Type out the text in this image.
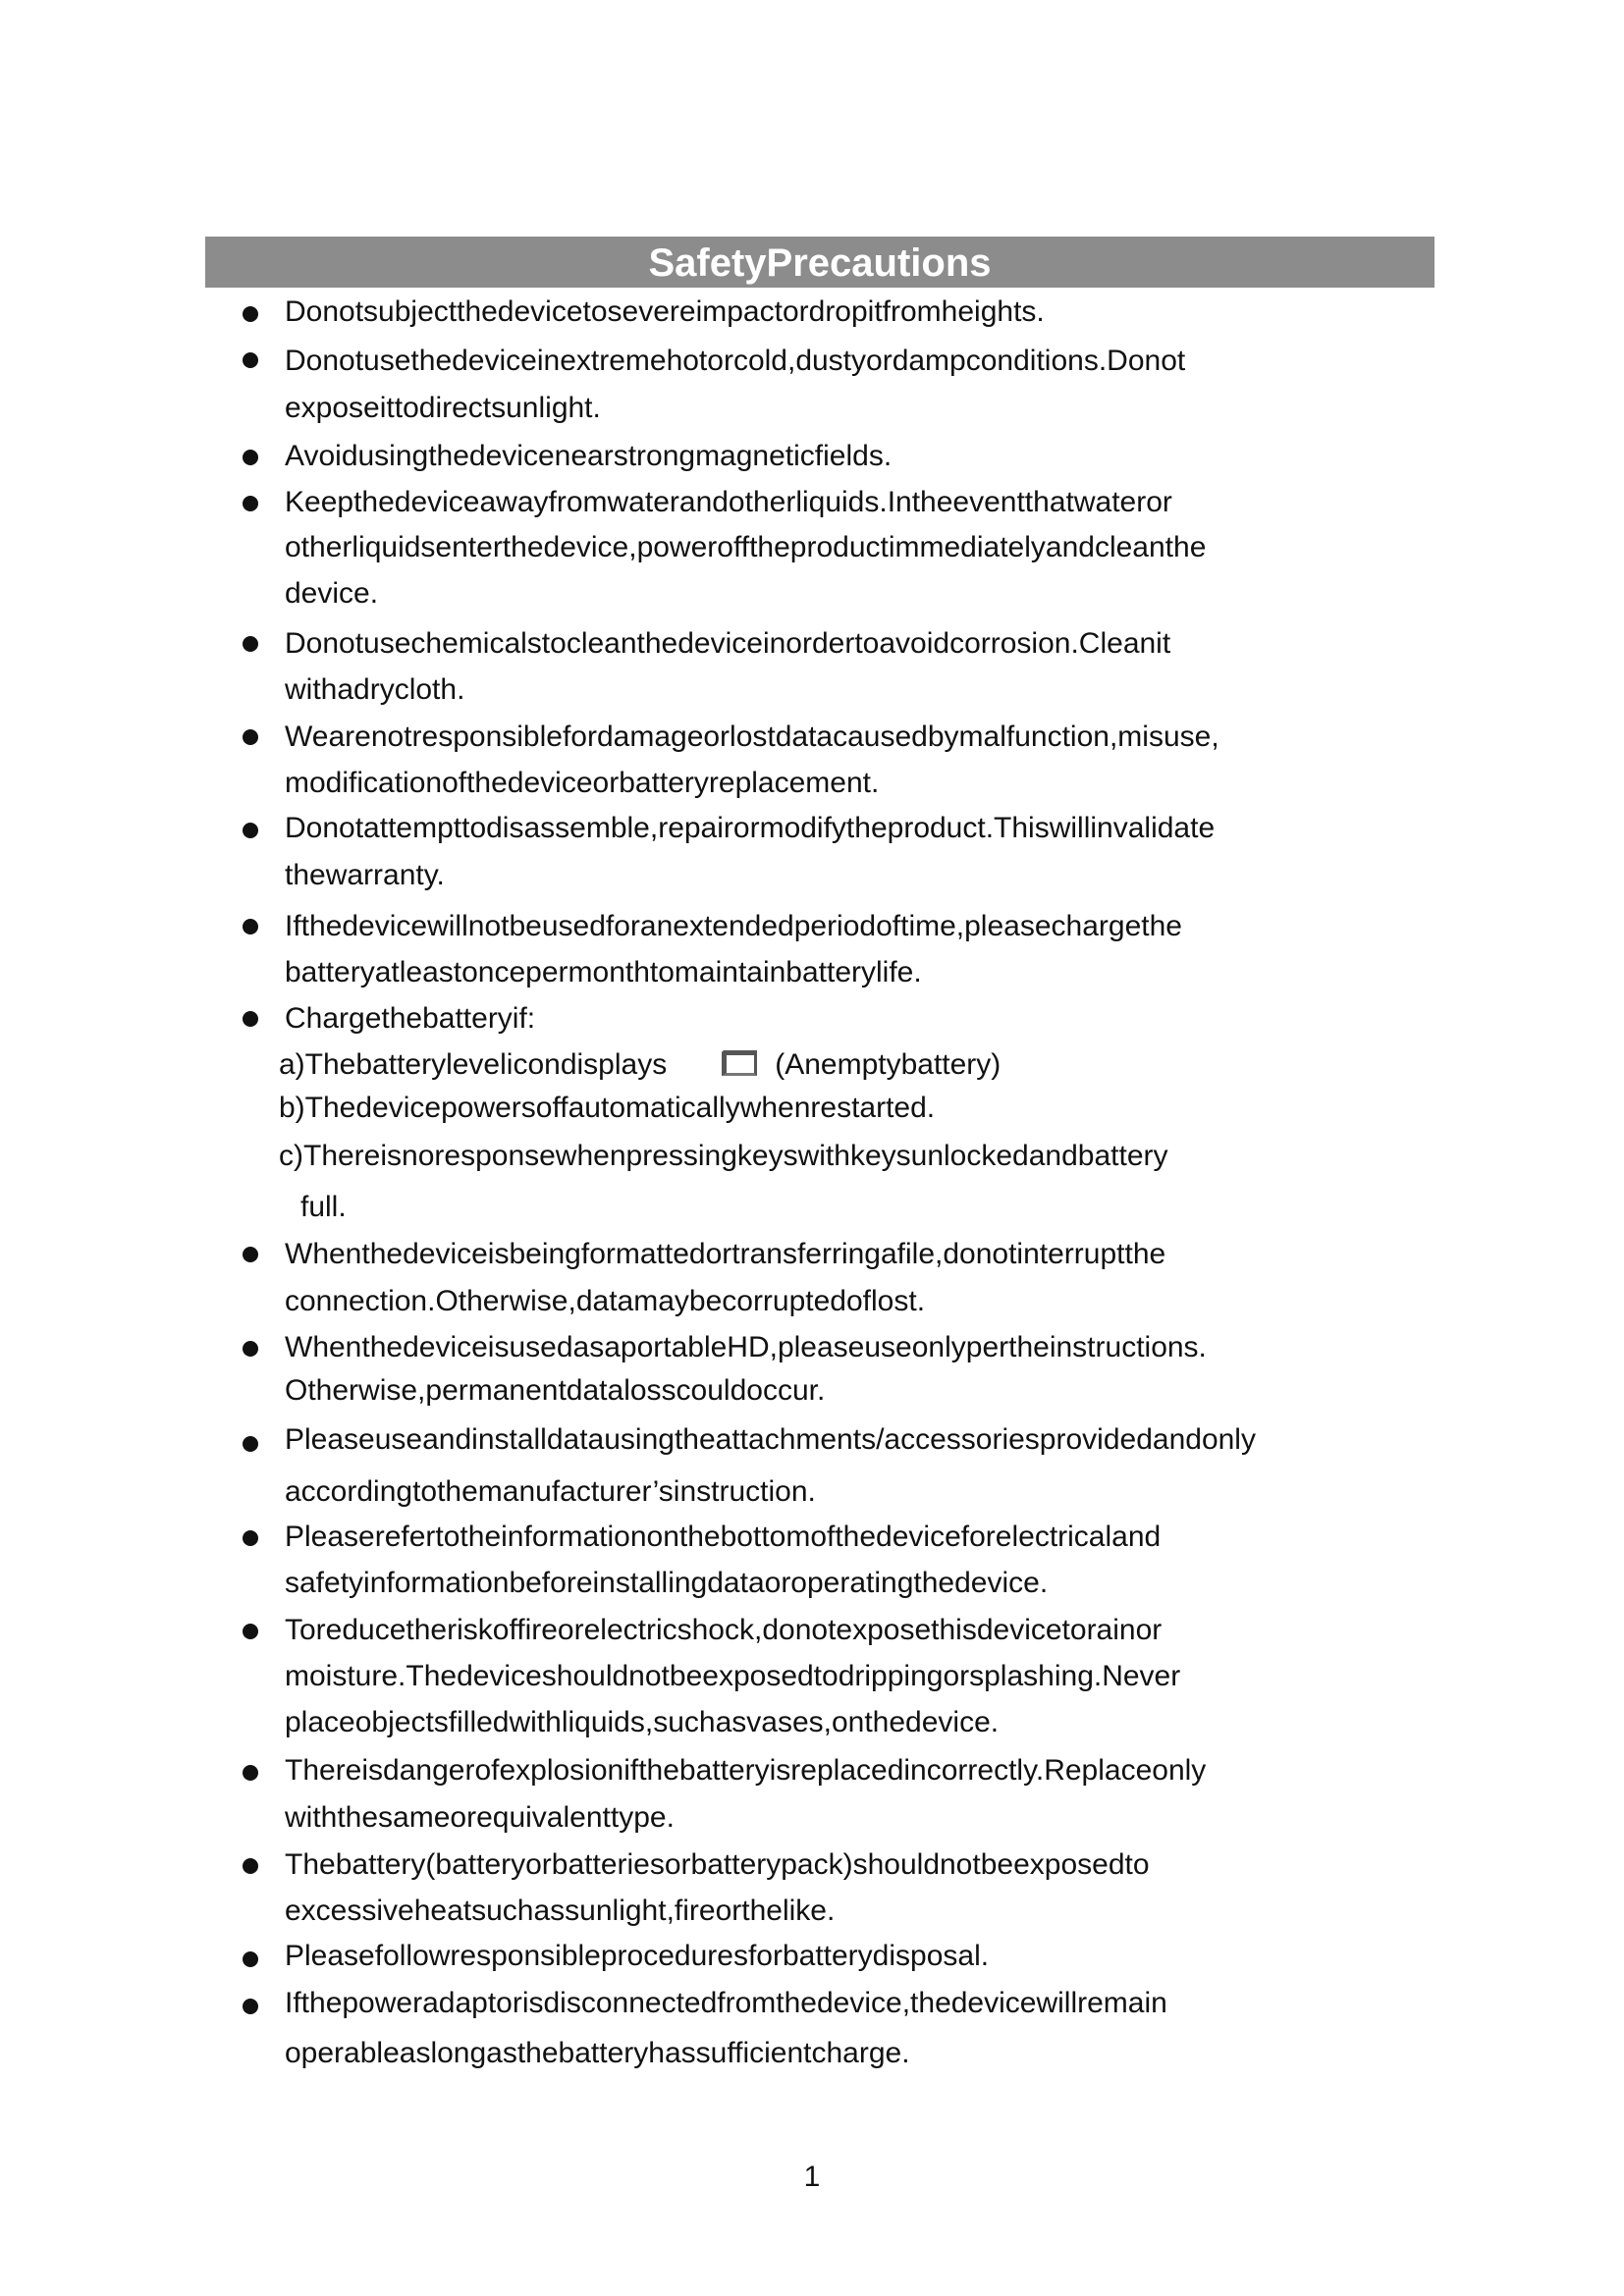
SafetyPrecautions
Donotsubjectthedevicetosevereimpactordropitfromheights.
Donotusethedeviceinextremehotorcold,dustyordampconditions.Donot
exposeittodirectsunlight.
Avoidusingthedevicenearstrongmagneticfields.
Keepthedeviceawayfromwaterandotherliquids.Intheeventthatwateror
otherliquidsenterthedevice,powerofftheproductimmediatelyandcleanthe
device.
Donotusechemicalstocleanthedeviceinordertoavoidcorrosion.Cleanit
withadrycloth.
Wearenotresponsiblefordamageorlostdatacausedbymalfunction,misuse,
modificationofthedeviceorbatteryreplacement.
Donotattempttodisassemble,repairormodifytheproduct.Thiswillinvalidate
thewarranty.
Ifthedevicewillnotbeusedforanextendedperiodoftime,pleasechargethe
batteryatleastoncepermonthtomaintainbatterylife.
Chargethebatteryif:
a)Thebatterylevelicondisplays	(Anemptybattery)
b)Thedevicepowersoffautomaticallywhenrestarted.
c)Thereisnoresponsewhenpressingkeyswithkeysunlockedandbattery
full.
Whenthedeviceisbeingformattedortransferringafile,donotinterruptthe
connection.Otherwise,datamaybecorruptedoflost.
WhenthedeviceisusedasaportableHD,pleaseuseonlypertheinstructions.
Otherwise,permanentdatalosscouldoccur.
Pleaseuseandinstalldatausingtheattachments/accessoriesprovidedandonly
accordingtothemanufacturer’sinstruction.
Pleaserefertotheinformationonthebottomofthedeviceforelectricaland
safetyinformationbeforeinstallingdataoroperatingthedevice.
Toreducetheriskoffireorelectricshock,donotexposethisdevicetorainor
moisture.Thedeviceshouldnotbeexposedtodrippingorsplashing.Never
placeobjectsfilledwithliquids,suchasvases,onthedevice.
Thereisdangerofexplosionifthebatteryisreplacedincorrectly.Replaceonly
withthesameorequivalenttype.
Thebattery(batteryorbatteriesorbatterypack)shouldnotbeexposedto
excessiveheatsuchassunlight,fireorthelike.
Pleasefollowresponsibleproceduresforbatterydisposal.
Ifthepoweradaptorisdisconnectedfromthedevice,thedevicewillremain
operableaslongasthebatteryhassufficientcharge.
1
